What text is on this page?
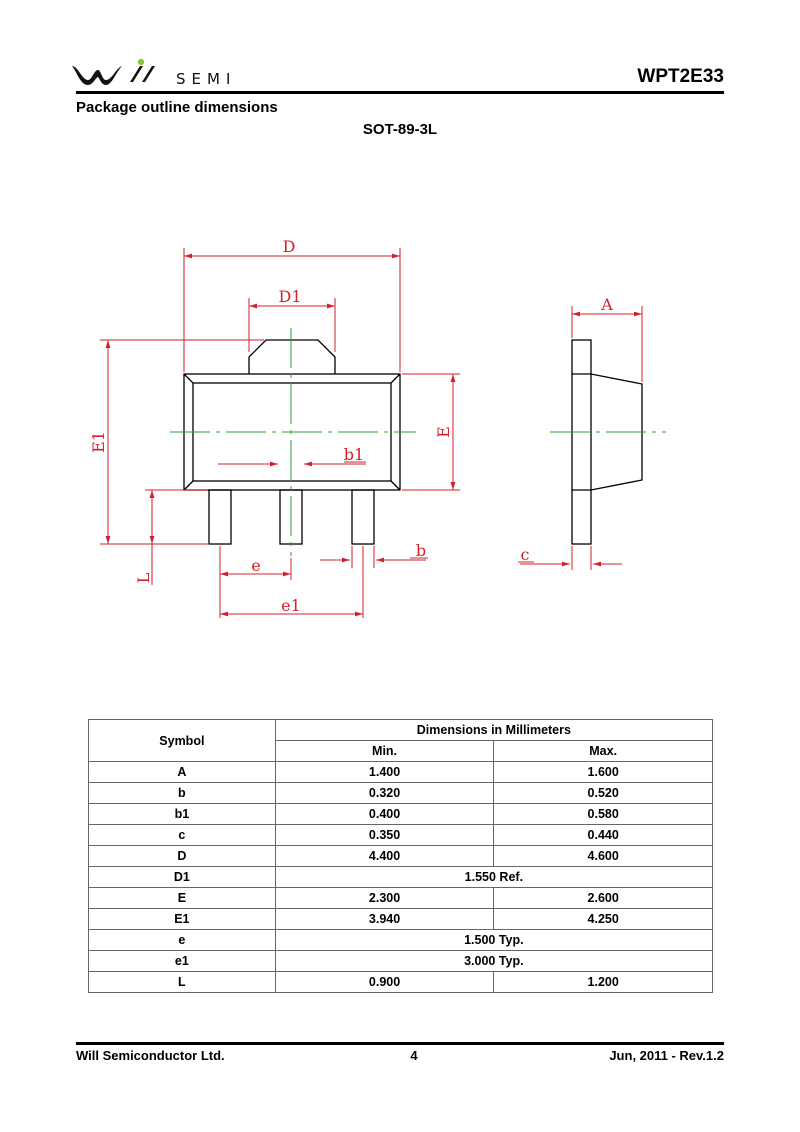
SEMI	WPT2E33
Package outline dimensions
SOT-89-3L
D
D1
E1	E
L
b1
b
e
e1
A
c
Symbol	Dimensions in Millimeters	
	Min.	Max.
A	1.400	1.600
b	0.320	0.520
b1	0.400	0.580
c	0.350	0.440
D	4.400	4.600
D1	1.550 Ref.	
E	2.300	2.600
E1	3.940	4.250
e	1.500 Typ.	
e1	3.000 Typ.	
L	0.900	1.200
Will Semiconductor Ltd.	4	Jun, 2011 - Rev.1.2
